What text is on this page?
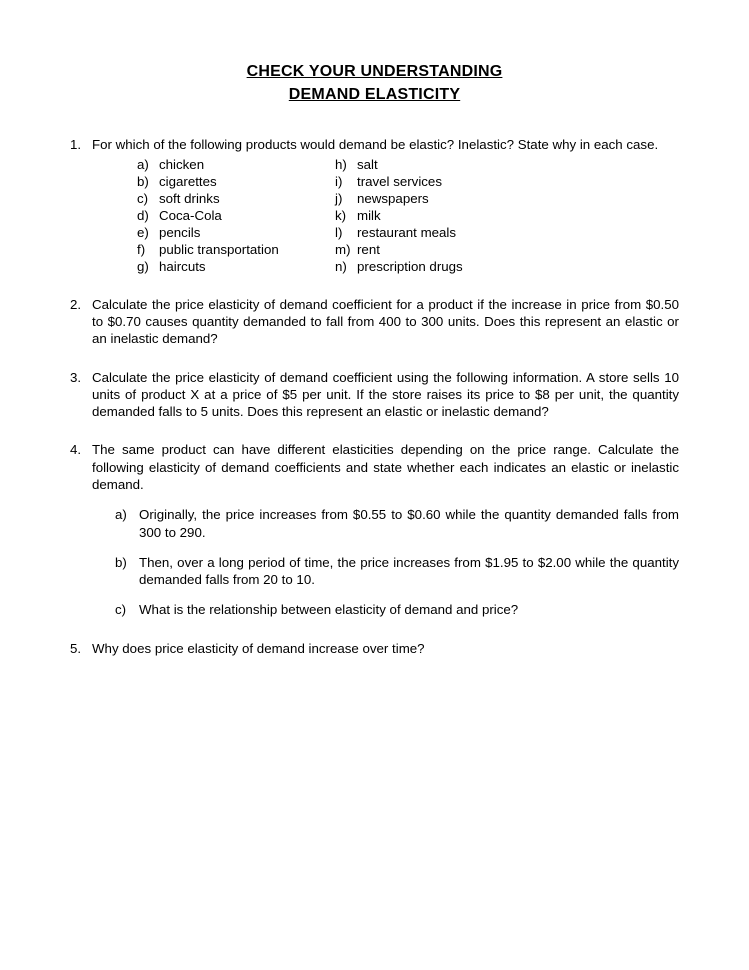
CHECK YOUR UNDERSTANDING
DEMAND ELASTICITY
1. For which of the following products would demand be elastic? Inelastic? State why in each case.
a) chicken	h) salt
b) cigarettes	i)	travel services
c) soft drinks	j)	newspapers
d) Coca-Cola	k) milk
e) pencils	l)	restaurant meals
f)	public transportation	m) rent
g) haircuts	n) prescription drugs
2. Calculate the price elasticity of demand coefficient for a product if the increase in price from $0.50 to $0.70 causes quantity demanded to fall from 400 to 300 units. Does this represent an elastic or an inelastic demand?
3. Calculate the price elasticity of demand coefficient using the following information. A store sells 10 units of product X at a price of $5 per unit. If the store raises its price to $8 per unit, the quantity demanded falls to 5 units. Does this represent an elastic or inelastic demand?
4. The same product can have different elasticities depending on the price range. Calculate the following elasticity of demand coefficients and state whether each indicates an elastic or inelastic demand.
a) Originally, the price increases from $0.55 to $0.60 while the quantity demanded falls from 300 to 290.
b) Then, over a long period of time, the price increases from $1.95 to $2.00 while the quantity demanded falls from 20 to 10.
c) What is the relationship between elasticity of demand and price?
5. Why does price elasticity of demand increase over time?
